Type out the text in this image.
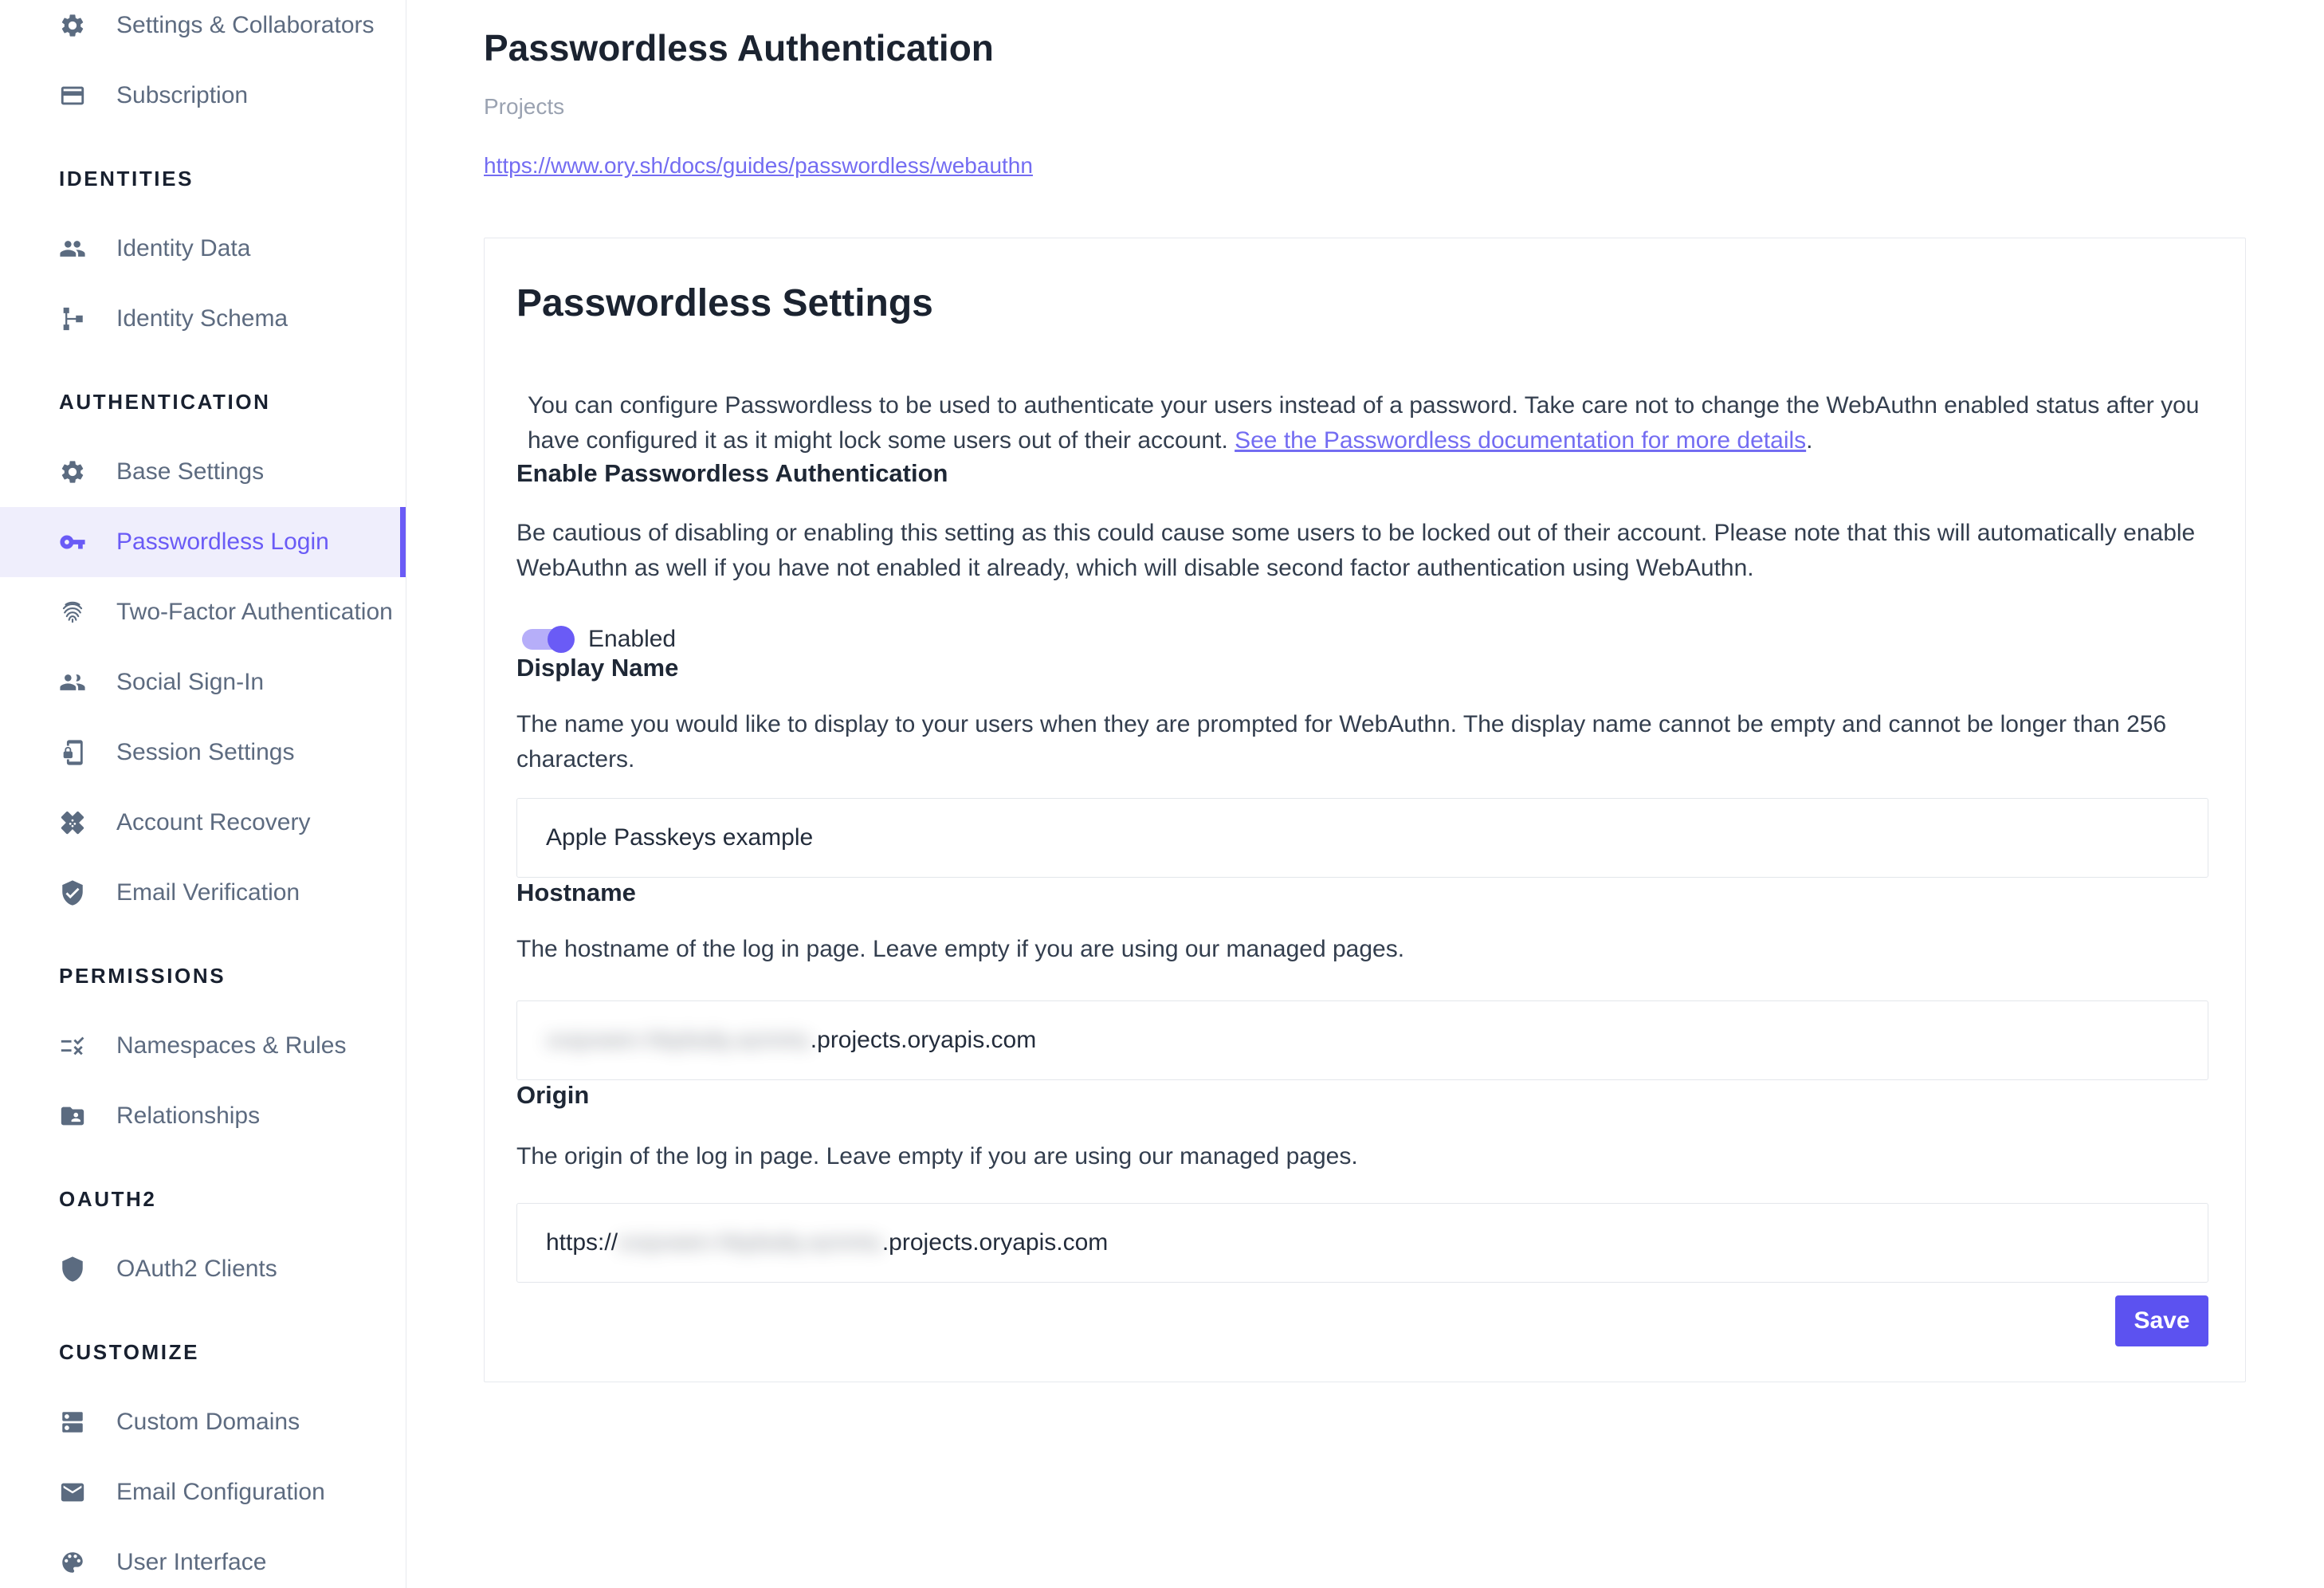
Settings & Collaborators
Subscription
IDENTITIES
Identity Data
Identity Schema
AUTHENTICATION
Base Settings
Passwordless Login
Two-Factor Authentication
Social Sign-In
Session Settings
Account Recovery
Email Verification
PERMISSIONS
Namespaces & Rules
Relationships
OAUTH2
OAuth2 Clients
CUSTOMIZE
Custom Domains
Email Configuration
User Interface
Passwordless Authentication
Projects
https://www.ory.sh/docs/guides/passwordless/webauthn
Passwordless Settings

You can configure Passwordless to be used to authenticate your users instead of a password. Take care not to change the WebAuthn enabled status after you have configured it as it might lock some users out of their account. See the Passwordless documentation for more details.

Enable Passwordless Authentication

Be cautious of disabling or enabling this setting as this could cause some users to be locked out of their account. Please note that this will automatically enable WebAuthn as well if you have not enabled it already, which will disable second factor authentication using WebAuthn.

Enabled
Display Name

The name you would like to display to your users when they are prompted for WebAuthn. The display name cannot be empty and cannot be longer than 256 characters.

Apple Passkeys example
Hostname

The hostname of the log in page. Leave empty if you are using our managed pages.

xxqvwen-hkplsdq-azmrtu .projects.oryapis.com
Origin

The origin of the log in page. Leave empty if you are using our managed pages.

https:// xxqvwen-hkplsdq-azmrtu .projects.oryapis.com
Save
